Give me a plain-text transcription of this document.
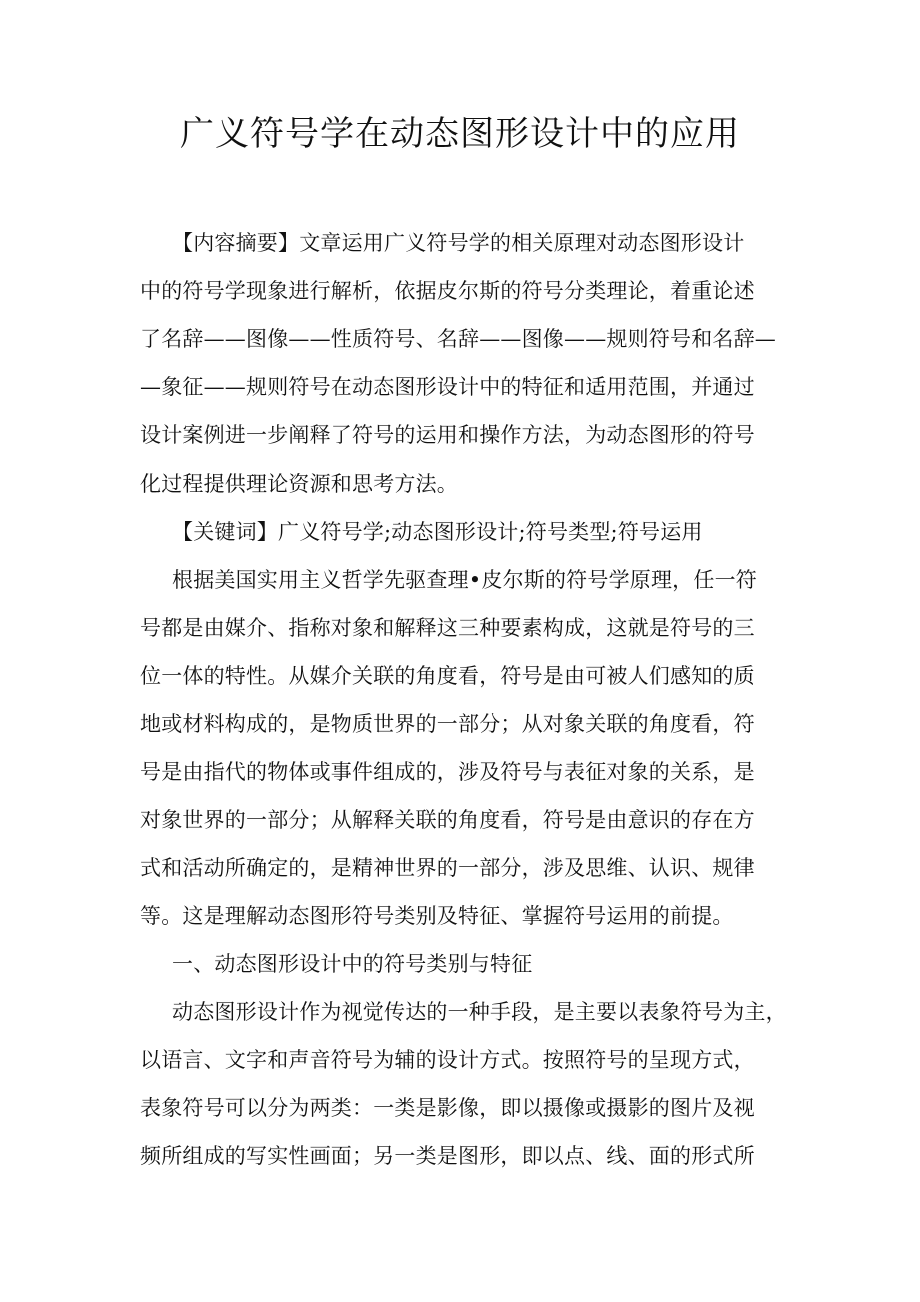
广义符号学在动态图形设计中的应用
【内容摘要】文章运用广义符号学的相关原理对动态图形设计
中的符号学现象进行解析，依据皮尔斯的符号分类理论，着重论述
了名辞——图像——性质符号、名辞——图像——规则符号和名辞—
—象征——规则符号在动态图形设计中的特征和适用范围，并通过
设计案例进一步阐释了符号的运用和操作方法，为动态图形的符号
化过程提供理论资源和思考方法。
【关键词】广义符号学;动态图形设计;符号类型;符号运用
根据美国实用主义哲学先驱查理•皮尔斯的符号学原理，任一符
号都是由媒介、指称对象和解释这三种要素构成，这就是符号的三
位一体的特性。从媒介关联的角度看，符号是由可被人们感知的质
地或材料构成的，是物质世界的一部分；从对象关联的角度看，符
号是由指代的物体或事件组成的，涉及符号与表征对象的关系，是
对象世界的一部分；从解释关联的角度看，符号是由意识的存在方
式和活动所确定的，是精神世界的一部分，涉及思维、认识、规律
等。这是理解动态图形符号类别及特征、掌握符号运用的前提。
一、动态图形设计中的符号类别与特征
动态图形设计作为视觉传达的一种手段，是主要以表象符号为主，
以语言、文字和声音符号为辅的设计方式。按照符号的呈现方式，
表象符号可以分为两类：一类是影像，即以摄像或摄影的图片及视
频所组成的写实性画面；另一类是图形，即以点、线、面的形式所
